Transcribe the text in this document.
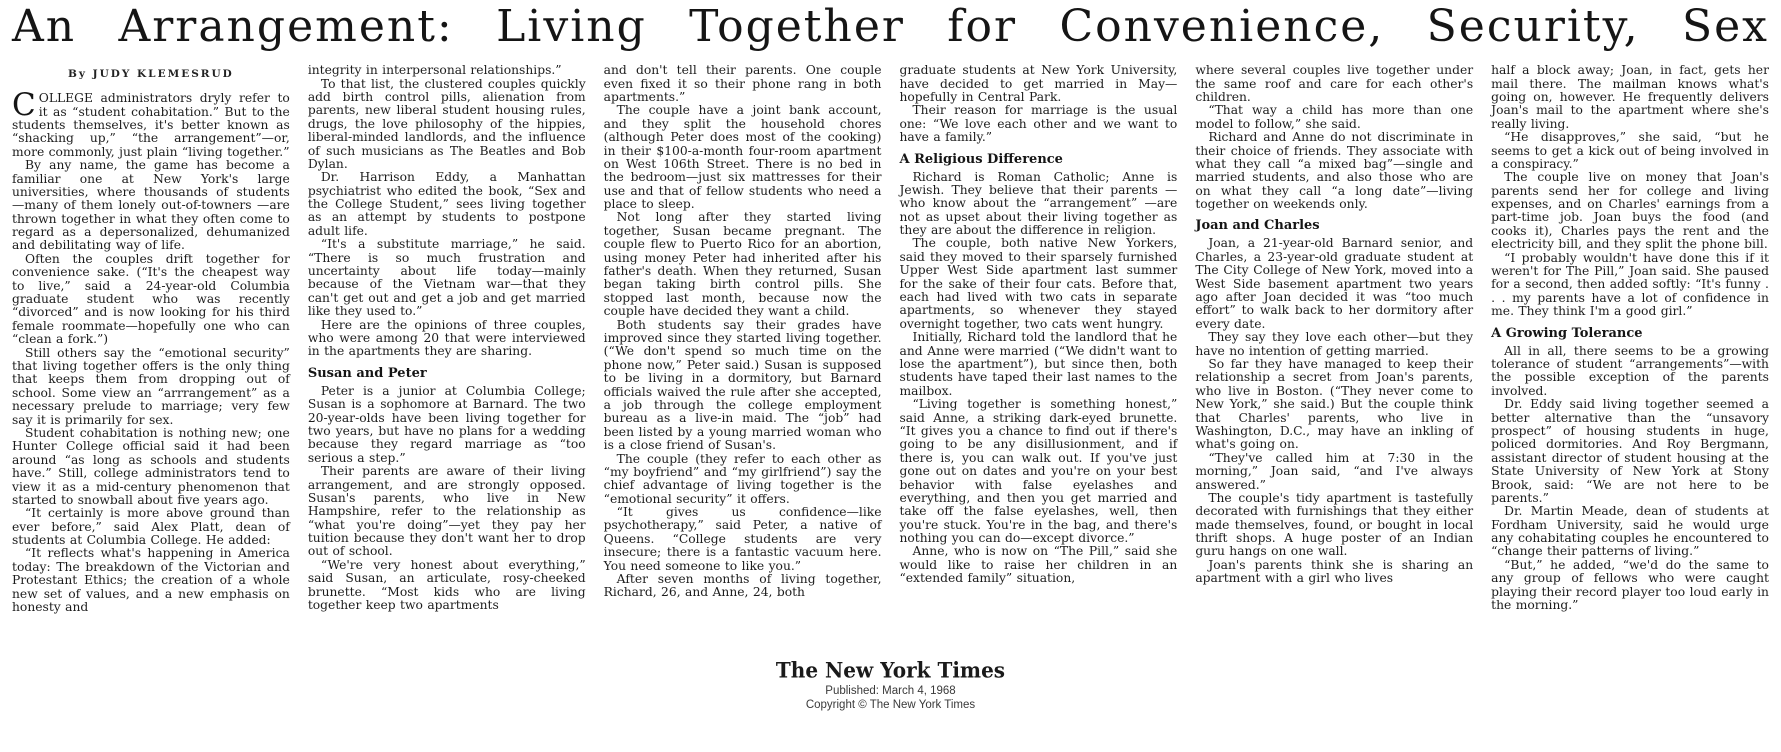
An Arrangement: Living Together for Convenience, Security, Sex
By JUDY KLEMESRUD

COLLEGE administrators dryly refer to it as “student cohabitation.” But to the students themselves, it's better known as “shacking up,” “the arrangement”—or, more commonly, just plain “living together.”

By any name, the game has become a familiar one at New York's large universities, where thousands of students —many of them lonely out-of-towners —are thrown together in what they often come to regard as a depersonalized, dehumanized and debilitating way of life.

Often the couples drift together for convenience sake. (“It's the cheapest way to live,” said a 24-year-old Columbia graduate student who was recently “divorced” and is now looking for his third female roommate—hopefully one who can “clean a fork.”)

Still others say the “emotional security” that living together offers is the only thing that keeps them from dropping out of school. Some view an “arrrangement” as a necessary prelude to marriage; very few say it is primarily for sex.

Student cohabitation is nothing new; one Hunter College official said it had been around “as long as schools and students have.” Still, college administrators tend to view it as a mid-century phenomenon that started to snowball about five years ago.

“It certainly is more above ground than ever before,” said Alex Platt, dean of students at Columbia College. He added:

“It reflects what's happening in America today: The breakdown of the Victorian and Protestant Ethics; the creation of a whole new set of values, and a new emphasis on honesty and

integrity in interpersonal relationships.”

To that list, the clustered couples quickly add birth control pills, alienation from parents, new liberal student housing rules, drugs, the love philosophy of the hippies, liberal-minded landlords, and the influence of such musicians as The Beatles and Bob Dylan.

Dr. Harrison Eddy, a Manhattan psychiatrist who edited the book, “Sex and the College Student,” sees living together as an attempt by students to postpone adult life.

“It's a substitute marriage,” he said. “There is so much frustration and uncertainty about life today—mainly because of the Vietnam war—that they can't get out and get a job and get married like they used to.”

Here are the opinions of three couples, who were among 20 that were interviewed in the apartments they are sharing.

Susan and Peter

Peter is a junior at Columbia College; Susan is a sophomore at Barnard. The two 20-year-olds have been living together for two years, but have no plans for a wedding because they regard marriage as “too serious a step.”

Their parents are aware of their living arrangement, and are strongly opposed. Susan's parents, who live in New Hampshire, refer to the relationship as “what you're doing”—yet they pay her tuition because they don't want her to drop out of school.

“We're very honest about everything,” said Susan, an articulate, rosy-cheeked brunette. “Most kids who are living together keep two apartments

and don't tell their parents. One couple even fixed it so their phone rang in both apartments.”

The couple have a joint bank account, and they split the household chores (although Peter does most of the cooking) in their $100-a-month four-room apartment on West 106th Street. There is no bed in the bedroom—just six mattresses for their use and that of fellow students who need a place to sleep.

Not long after they started living together, Susan became pregnant. The couple flew to Puerto Rico for an abortion, using money Peter had inherited after his father's death. When they returned, Susan began taking birth control pills. She stopped last month, because now the couple have decided they want a child.

Both students say their grades have improved since they started living together. (“We don't spend so much time on the phone now,” Peter said.) Susan is supposed to be living in a dormitory, but Barnard officials waived the rule after she accepted, a job through the college employment bureau as a live-in maid. The “job” had been listed by a young married woman who is a close friend of Susan's.

The couple (they refer to each other as “my boyfriend” and “my girlfriend”) say the chief advantage of living together is the “emotional security” it offers.

“It gives us confidence—like psychotherapy,” said Peter, a native of Queens. “College students are very insecure; there is a fantastic vacuum here. You need someone to like you.”

After seven months of living together, Richard, 26, and Anne, 24, both

graduate students at New York University, have decided to get married in May—hopefully in Central Park.

Their reason for marriage is the usual one: “We love each other and we want to have a family.”

A Religious Difference

Richard is Roman Catholic; Anne is Jewish. They believe that their parents —who know about the “arrangement” —are not as upset about their living together as they are about the difference in religion.

The couple, both native New Yorkers, said they moved to their sparsely furnished Upper West Side apartment last summer for the sake of their four cats. Before that, each had lived with two cats in separate apartments, so whenever they stayed overnight together, two cats went hungry.

Initially, Richard told the landlord that he and Anne were married (“We didn't want to lose the apartment”), but since then, both students have taped their last names to the mailbox.

“Living together is something honest,” said Anne, a striking dark-eyed brunette. “It gives you a chance to find out if there's going to be any disillusionment, and if there is, you can walk out. If you've just gone out on dates and you're on your best behavior with false eyelashes and everything, and then you get married and take off the false eyelashes, well, then you're stuck. You're in the bag, and there's nothing you can do—except divorce.”

Anne, who is now on “The Pill,” said she would like to raise her children in an “extended family” situation,

where several couples live together under the same roof and care for each other's children.

“That way a child has more than one model to follow,” she said.

Richard and Anne do not discriminate in their choice of friends. They associate with what they call “a mixed bag”—single and married students, and also those who are on what they call “a long date”—living together on weekends only.

Joan and Charles

Joan, a 21-year-old Barnard senior, and Charles, a 23-year-old graduate student at The City College of New York, moved into a West Side basement apartment two years ago after Joan decided it was “too much effort” to walk back to her dormitory after every date.

They say they love each other—but they have no intention of getting married.

So far they have managed to keep their relationship a secret from Joan's parents, who live in Boston. (“They never come to New York,” she said.) But the couple think that Charles' parents, who live in Washington, D.C., may have an inkling of what's going on.

“They've called him at 7:30 in the morning,” Joan said, “and I've always answered.”

The couple's tidy apartment is tastefully decorated with furnishings that they either made themselves, found, or bought in local thrift shops. A huge poster of an Indian guru hangs on one wall.

Joan's parents think she is sharing an apartment with a girl who lives

half a block away; Joan, in fact, gets her mail there. The mailman knows what's going on, however. He frequently delivers Joan's mail to the apartment where she's really living.

“He disapproves,” she said, “but he seems to get a kick out of being involved in a conspiracy.”

The couple live on money that Joan's parents send her for college and living expenses, and on Charles' earnings from a part-time job. Joan buys the food (and cooks it), Charles pays the rent and the electricity bill, and they split the phone bill.

“I probably wouldn't have done this if it weren't for The Pill,” Joan said. She paused for a second, then added softly: “It's funny . . . my parents have a lot of confidence in me. They think I'm a good girl.”

A Growing Tolerance

All in all, there seems to be a growing tolerance of student “arrangements”—with the possible exception of the parents involved.

Dr. Eddy said living together seemed a better alternative than the “unsavory prospect” of housing students in huge, policed dormitories. And Roy Bergmann, assistant director of student housing at the State University of New York at Stony Brook, said: “We are not here to be parents.”

Dr. Martin Meade, dean of students at Fordham University, said he would urge any cohabitating couples he encountered to “change their patterns of living.”

“But,” he added, “we'd do the same to any group of fellows who were caught playing their record player too loud early in the morning.”

The New York Times
Published: March 4, 1968
Copyright © The New York Times
